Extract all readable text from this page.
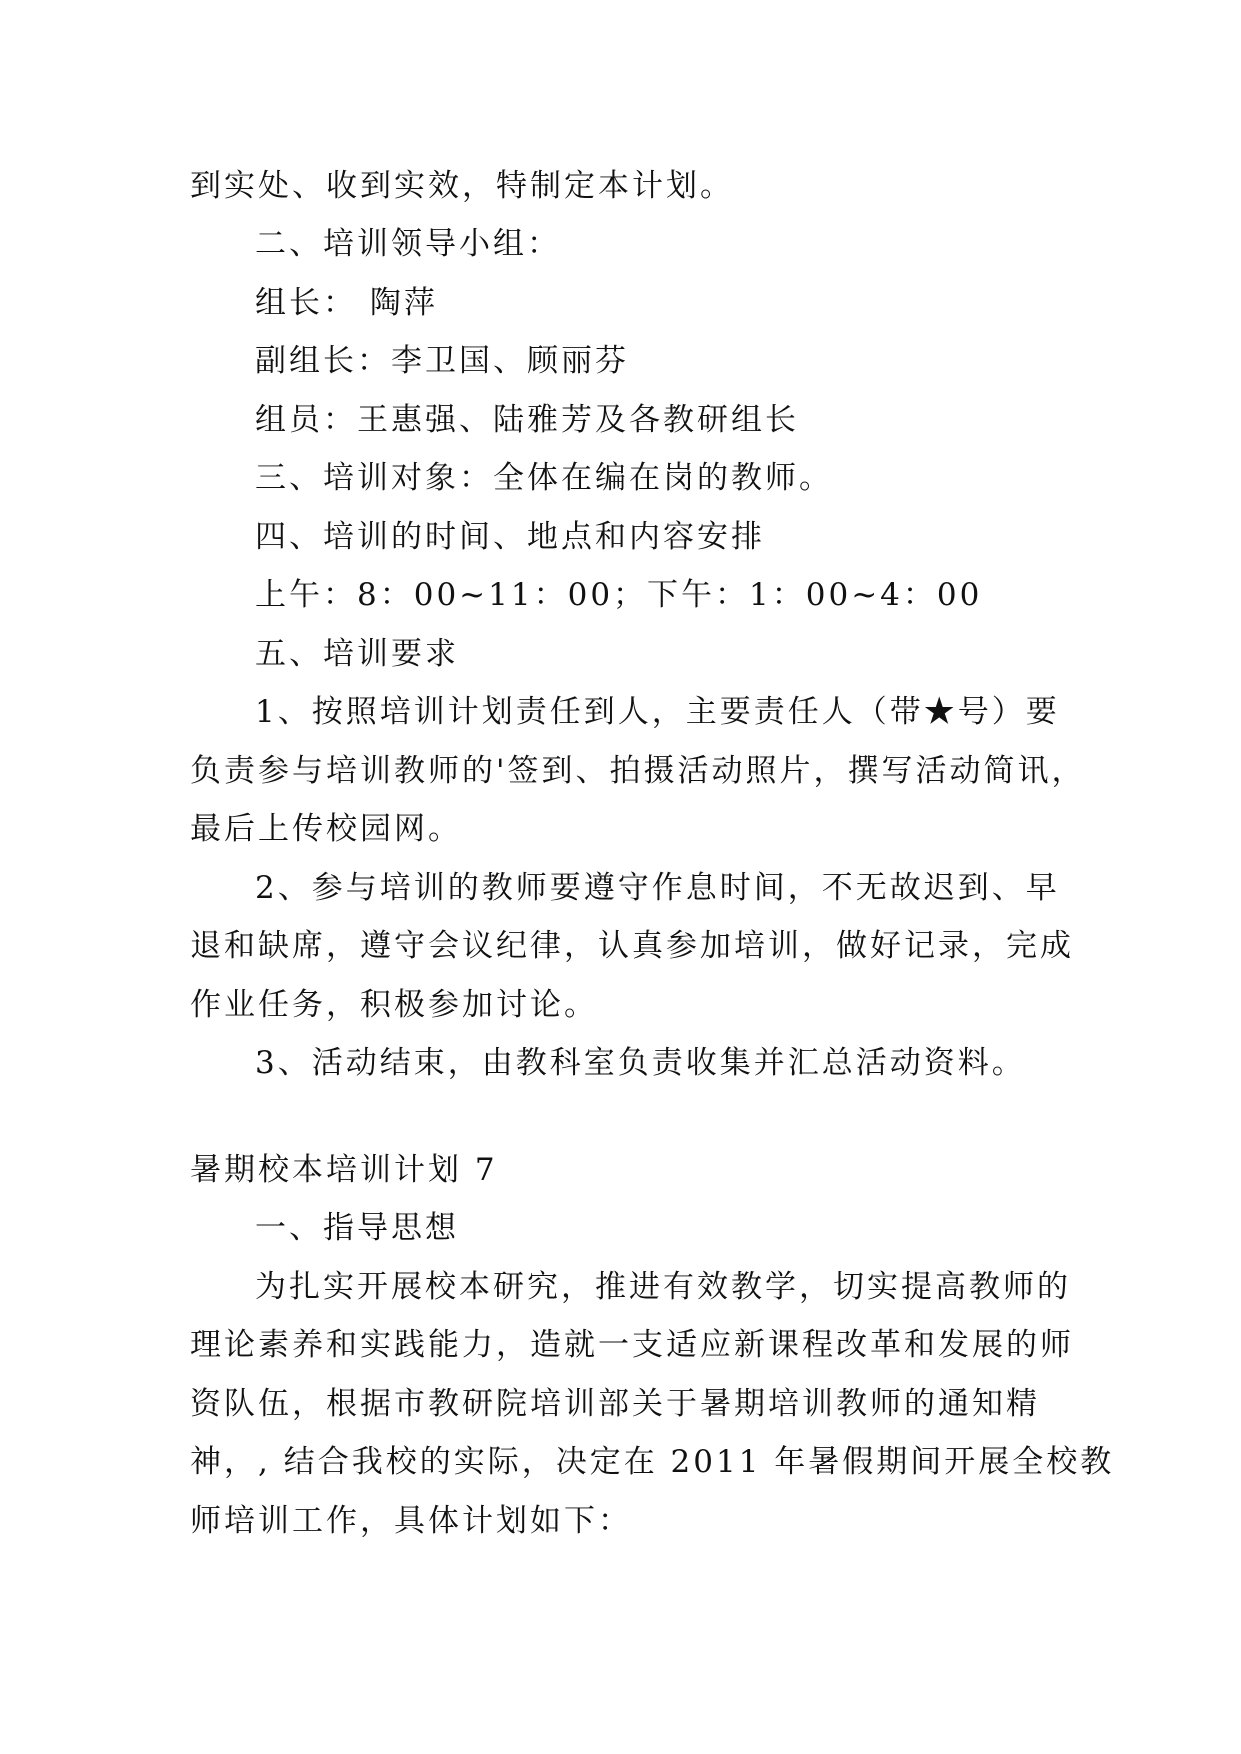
到实处、收到实效，特制定本计划。
二、培训领导小组：
组长： 陶萍
副组长：李卫国、顾丽芬
组员：王惠强、陆雅芳及各教研组长
三、培训对象：全体在编在岗的教师。
四、培训的时间、地点和内容安排
上午：8：00~11：00；下午：1：00~4：00
五、培训要求
1、按照培训计划责任到人，主要责任人（带★号）要
负责参与培训教师的'签到、拍摄活动照片，撰写活动简讯，
最后上传校园网。
2、参与培训的教师要遵守作息时间，不无故迟到、早
退和缺席，遵守会议纪律，认真参加培训，做好记录，完成
作业任务，积极参加讨论。
3、活动结束，由教科室负责收集并汇总活动资料。
暑期校本培训计划 7
一、指导思想
为扎实开展校本研究，推进有效教学，切实提高教师的
理论素养和实践能力，造就一支适应新课程改革和发展的师
资队伍，根据市教研院培训部关于暑期培训教师的通知精
神，, 结合我校的实际，决定在 2011 年暑假期间开展全校教
师培训工作，具体计划如下：
